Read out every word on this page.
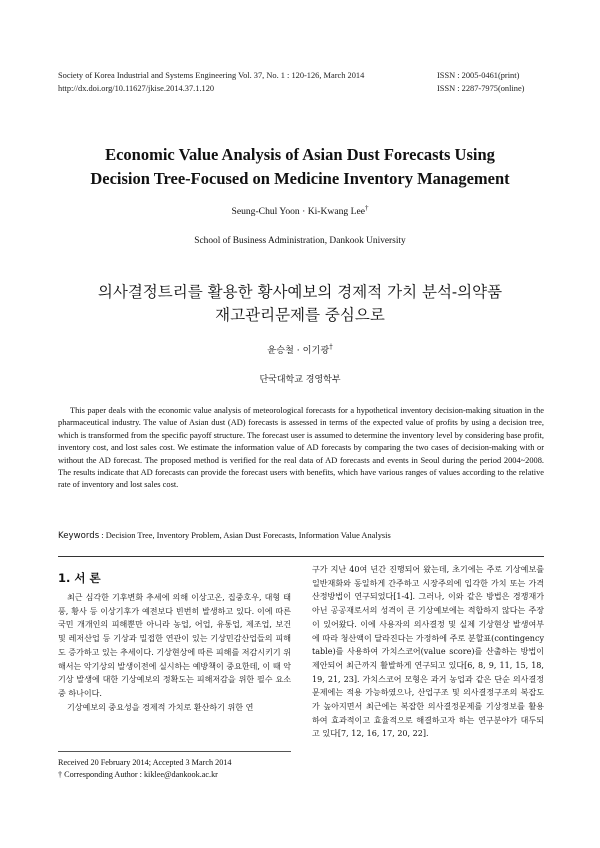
Society of Korea Industrial and Systems Engineering Vol. 37, No. 1 : 120-126, March 2014
http://dx.doi.org/10.11627/jkise.2014.37.1.120
ISSN : 2005-0461(print)
ISSN : 2287-7975(online)
Economic Value Analysis of Asian Dust Forecasts Using
Decision Tree-Focused on Medicine Inventory Management
Seung-Chul Yoon · Ki-Kwang Lee†
School of Business Administration, Dankook University
의사결정트리를 활용한 황사예보의 경제적 가치 분석-의약품
재고관리문제를 중심으로
윤승철 · 이기광†
단국대학교 경영학부

This paper deals with the economic value analysis of meteorological forecasts for a hypothetical inventory decision-making situation in the pharmaceutical industry. The value of Asian dust (AD) forecasts is assessed in terms of the expected value of profits by using a decision tree, which is transformed from the specific payoff structure. The forecast user is assumed to determine the inventory level by considering base profit, inventory cost, and lost sales cost. We estimate the information value of AD forecasts by comparing the two cases of decision-making with or without the AD forecast. The proposed method is verified for the real data of AD forecasts and events in Seoul during the period 2004~2008. The results indicate that AD forecasts can provide the forecast users with benefits, which have various ranges of values according to the relative rate of inventory and lost sales cost.

Keywords : Decision Tree, Inventory Problem, Asian Dust Forecasts, Information Value Analysis
1. 서 론

최근 심각한 기후변화 추세에 의해 이상고온, 집중호우, 대형 태풍, 황사 등 이상기후가 예전보다 빈번히 발생하고 있다. 이에 따른 국민 개개인의 피해뿐만 아니라 농업, 어업, 유통업, 제조업, 보건 및 레저산업 등 기상과 밀접한 연관이 있는 기상민감산업들의 피해도 증가하고 있는 추세이다. 기상현상에 따른 피해를 저감시키기 위해서는 악기상의 발생이전에 실시하는 예방책이 중요한데, 이 때 악기상 발생에 대한 기상예보의 정확도는 피해저감을 위한 필수 요소 중 하나이다.

기상예보의 중요성을 경제적 가치로 환산하기 위한 연

구가 지난 40여 년간 진행되어 왔는데, 초기에는 주로 기상예보를 일반재화와 동일하게 간주하고 시장주의에 입각한 가치 또는 가격 산정방법이 연구되었다[1-4]. 그러나, 이와 같은 방법은 경쟁재가 아닌 공공재로서의 성격이 큰 기상예보에는 적합하지 않다는 주장이 있어왔다. 이에 사용자의 의사결정 및 실제 기상현상 발생여부에 따라 청산액이 달라진다는 가정하에 주로 분할표(contingency table)를 사용하여 가치스코어(value score)를 산출하는 방법이 제안되어 최근까지 활발하게 연구되고 있다[6, 8, 9, 11, 15, 18, 19, 21, 23]. 가치스코어 모형은 과거 농업과 같은 단순 의사결정문제에는 적용 가능하였으나, 산업구조 및 의사결정구조의 복잡도가 높아지면서 최근에는 복잡한 의사결정문제를 기상정보를 활용하여 효과적이고 효율적으로 해결하고자 하는 연구분야가 대두되고 있다[7, 12, 16, 17, 20, 22].

Received 20 February 2014; Accepted 3 March 2014
† Corresponding Author : kiklee@dankook.ac.kr
